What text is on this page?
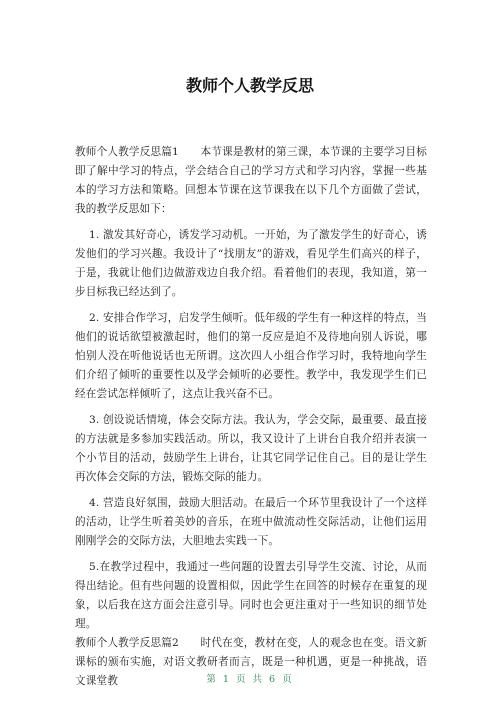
教师个人教学反思

教师个人教学反思篇1　　本节课是教材的第三课，本节课的主要学习目标即了解中学习的特点，学会结合自己的学习方式和学习内容，掌握一些基本的学习方法和策略。回想本节课在这节课我在以下几个方面做了尝试，我的教学反思如下：

1. 激发其好奇心，诱发学习动机。一开始，为了激发学生的好奇心，诱发他们的学习兴趣。我设计了“找朋友”的游戏，看见学生们高兴的样子，于是，我就让他们边做游戏边自我介绍。看着他们的表现，我知道，第一步目标我已经达到了。

2. 安排合作学习，启发学生倾听。低年级的学生有一种这样的特点，当他们的说话欲望被激起时，他们的第一反应是迫不及待地向别人诉说，哪怕别人没在听他说话也无所谓。这次四人小组合作学习时，我特地向学生们介绍了倾听的重要性以及学会倾听的必要性。教学中，我发现学生们已经在尝试怎样倾听了，这点让我兴奋不已。

3. 创设说话情境，体会交际方法。我认为，学会交际，最重要、最直接的方法就是多参加实践活动。所以，我又设计了上讲台自我介绍并表演一个小节目的活动，鼓励学生上讲台，让其它同学记住自己。目的是让学生再次体会交际的方法，锻炼交际的能力。

4. 营造良好氛围，鼓励大胆活动。在最后一个环节里我设计了一个这样的活动，让学生听着美妙的音乐，在班中做流动性交际活动，让他们运用刚刚学会的交际方法，大胆地去实践一下。

5.在教学过程中，我通过一些问题的设置去引导学生交流、讨论，从而得出结论。但有些问题的设置相似，因此学生在回答的时候存在重复的现象，以后我在这方面会注意引导。同时也会更注重对于一些知识的细节处理。

教师个人教学反思篇2　　时代在变，教材在变，人的观念也在变。语文新课标的颁布实施，对语文教研者而言，既是一种机遇，更是一种挑战，语文课堂教	第 1 页 共 6 页
